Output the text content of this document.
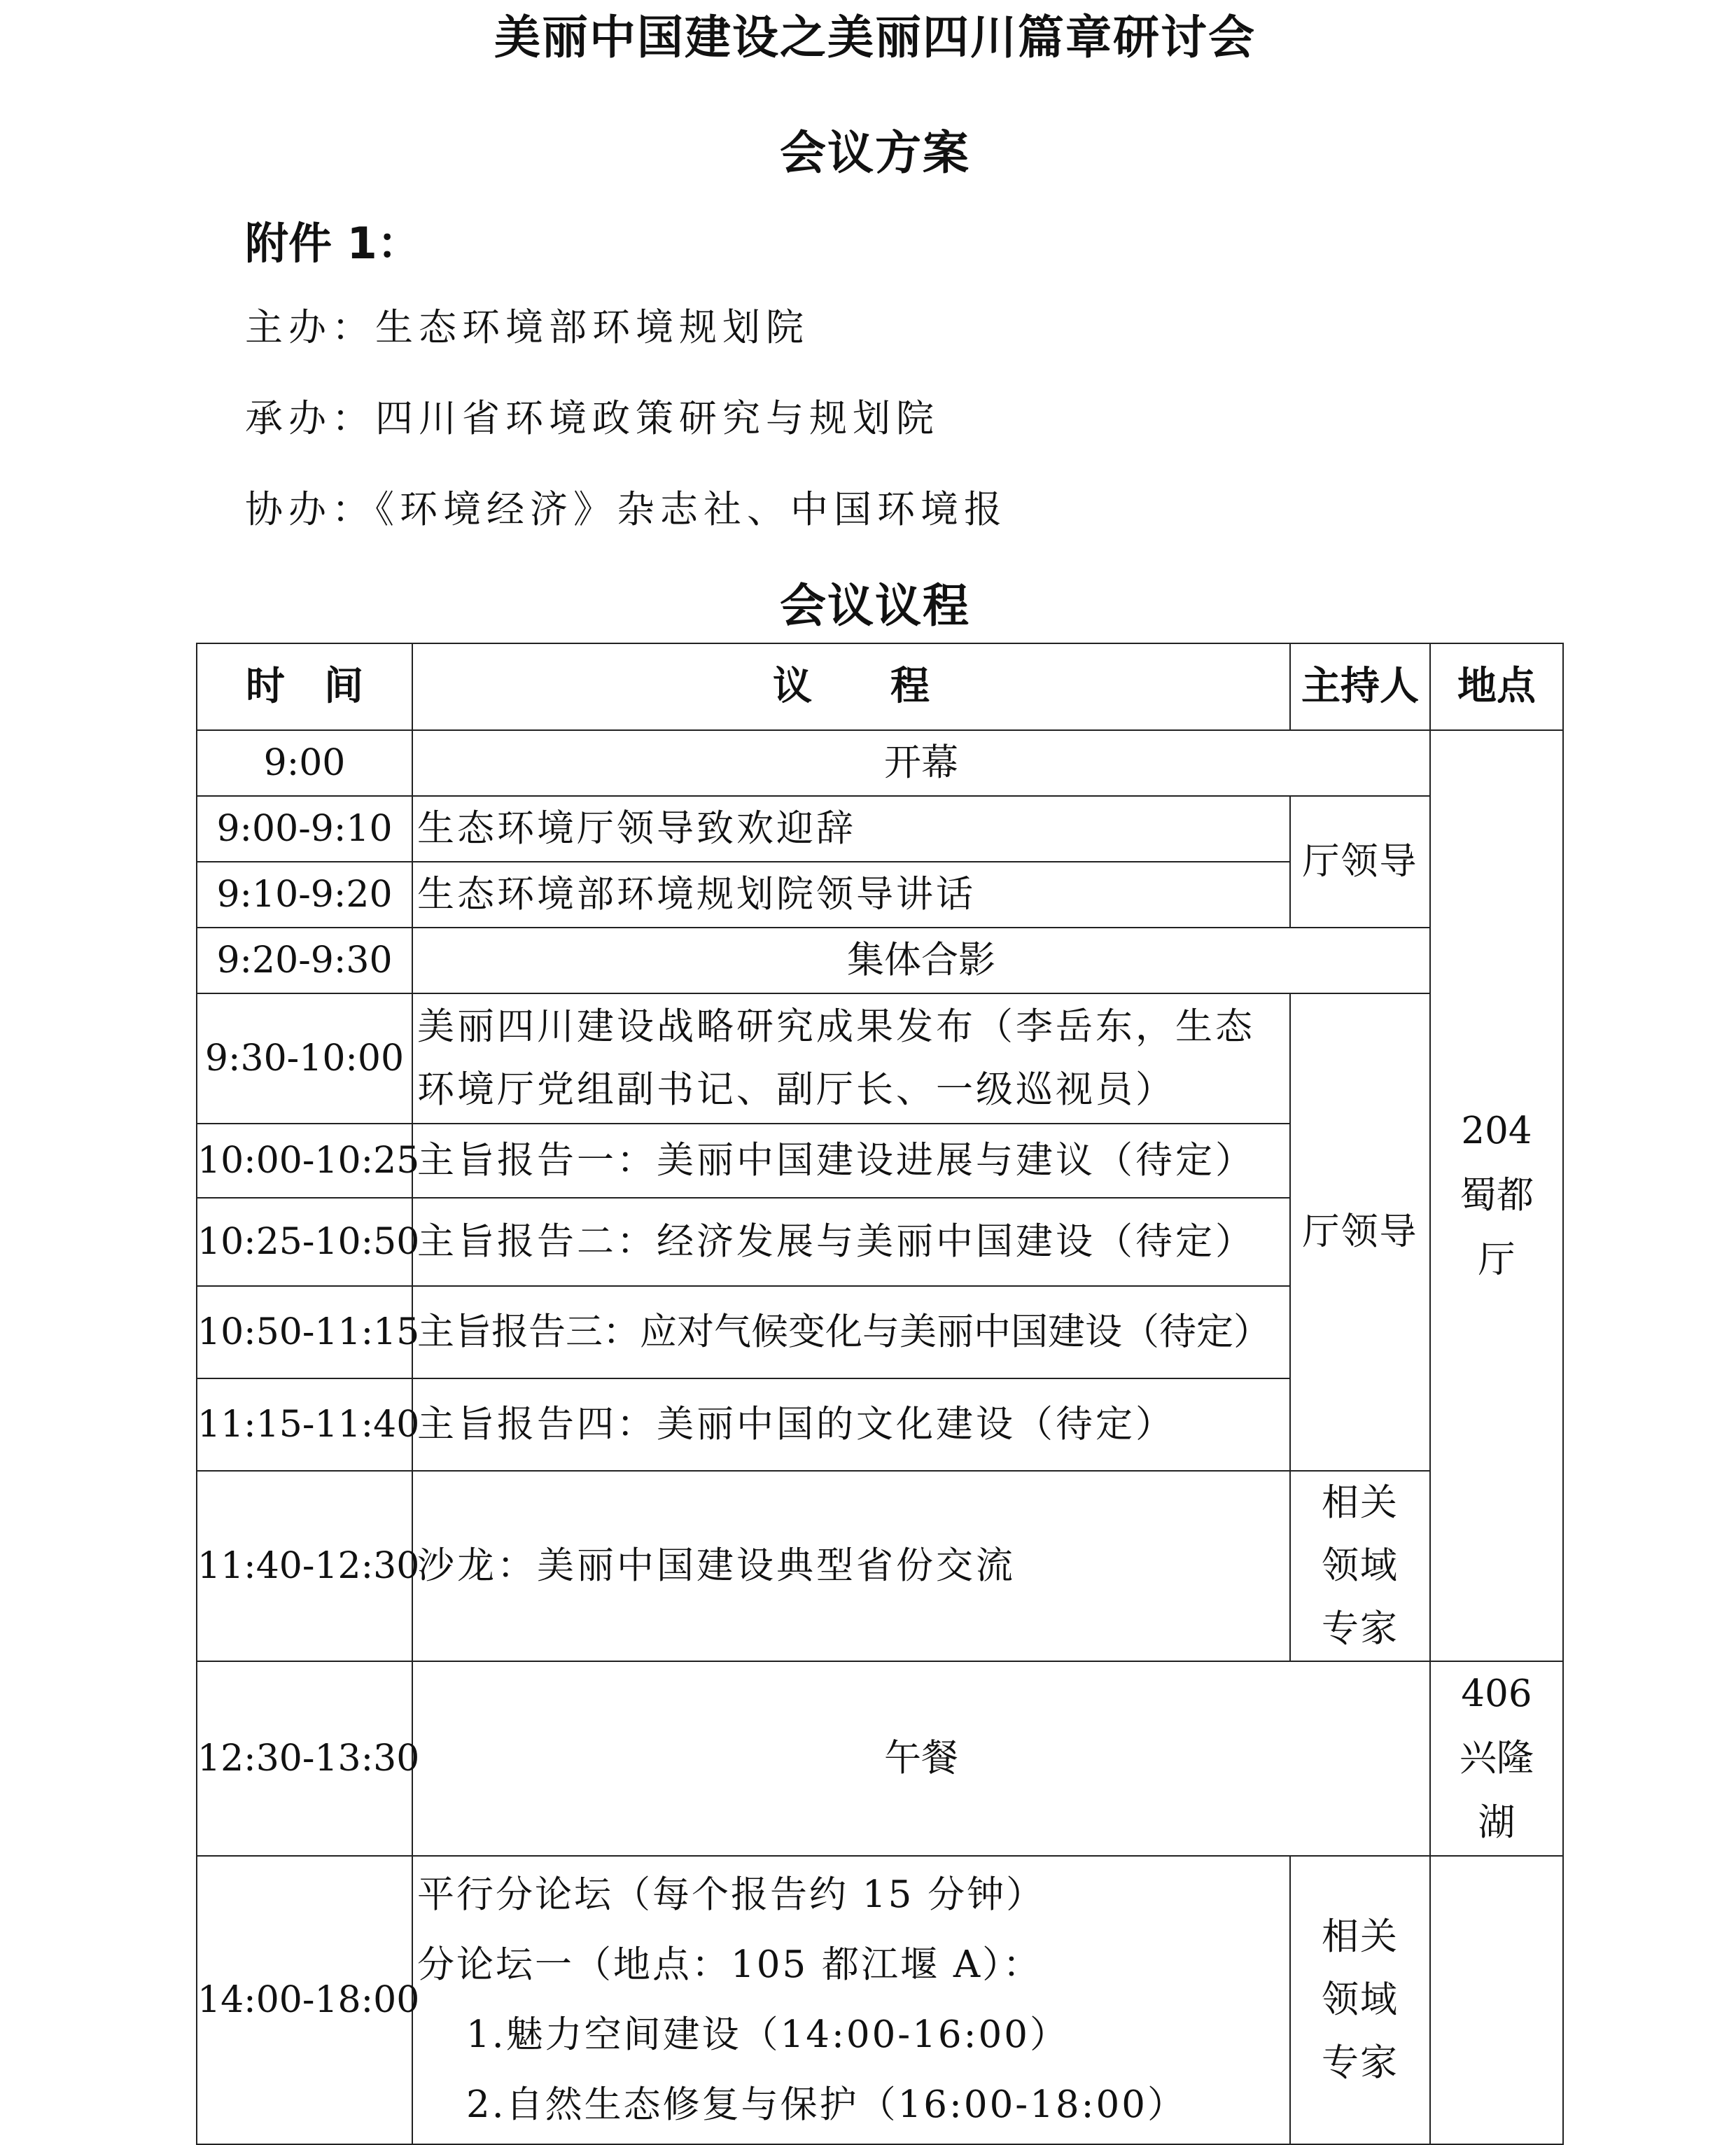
美丽中国建设之美丽四川篇章研讨会
会议方案
附件 1：
主办：生态环境部环境规划院
承办：四川省环境政策研究与规划院
协办：《环境经济》杂志社、中国环境报
会议议程
时　间	议　　程	主持人	地点
9:00	开幕		204 蜀都厅
9:00-9:10	生态环境厅领导致欢迎辞	厅领导	
9:10-9:20	生态环境部环境规划院领导讲话		
9:20-9:30	集体合影		
9:30-10:00	美丽四川建设战略研究成果发布（李岳东，生态环境厅党组副书记、副厅长、一级巡视员）	厅领导	
10:00-10:25	主旨报告一：美丽中国建设进展与建议（待定）		
10:25-10:50	主旨报告二：经济发展与美丽中国建设（待定）		
10:50-11:15	主旨报告三：应对气候变化与美丽中国建设（待定）		
11:15-11:40	主旨报告四：美丽中国的文化建设（待定）		
11:40-12:30	沙龙：美丽中国建设典型省份交流	相关领域专家	
12:30-13:30	午餐		406 兴隆湖
14:00-18:00	平行分论坛（每个报告约 15 分钟）
分论坛一（地点：105 都江堰 A）：
1.魅力空间建设（14:00-16:00）
2.自然生态修复与保护（16:00-18:00）	相关领域专家	
